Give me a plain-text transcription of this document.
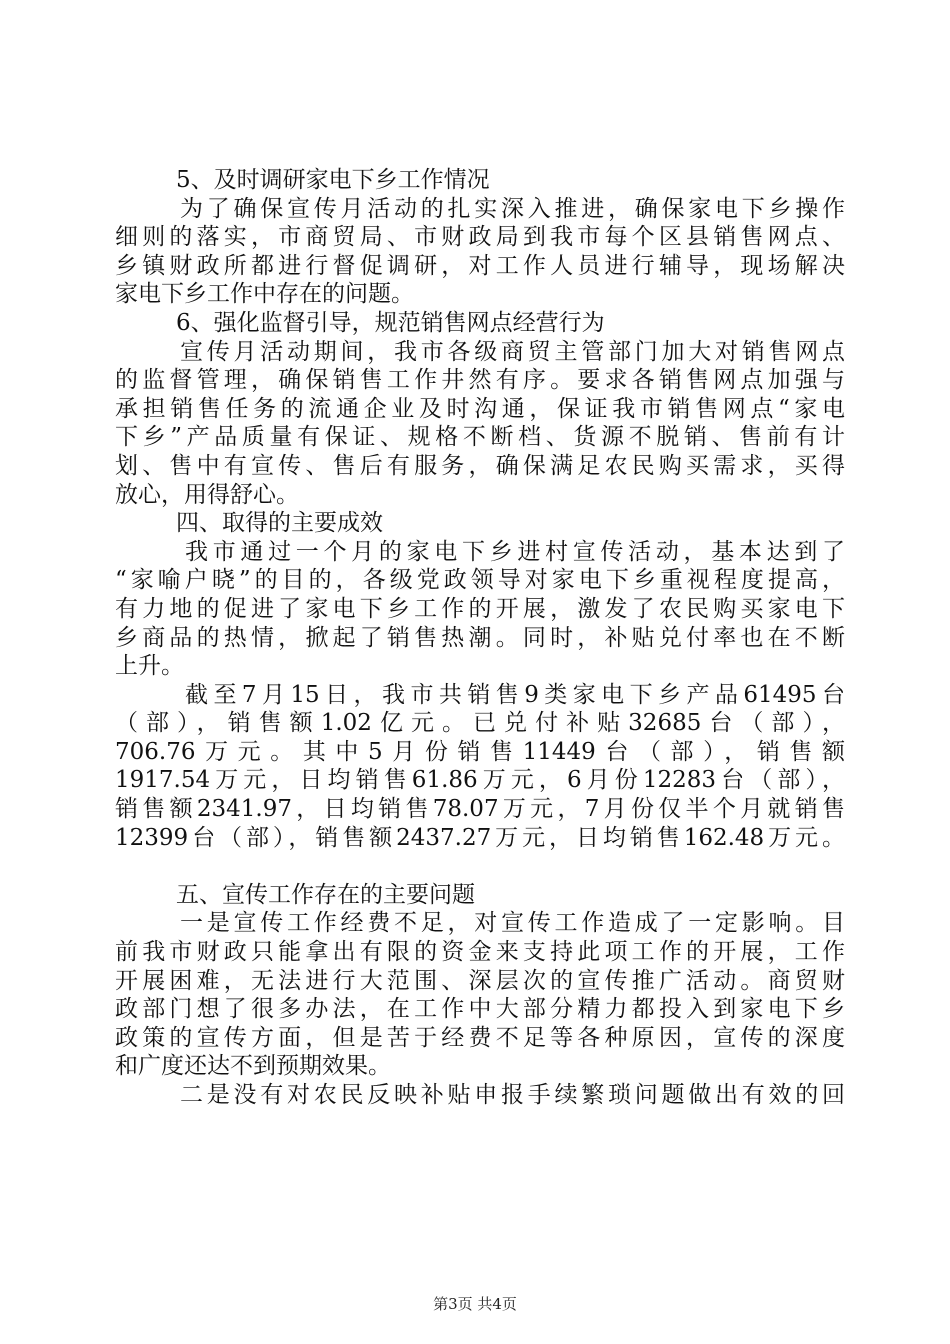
5、及时调研家电下乡工作情况
为了确保宣传月活动的扎实深入推进，确保家电下乡操作
细则的落实，市商贸局、市财政局到我市每个区县销售网点、
乡镇财政所都进行督促调研，对工作人员进行辅导，现场解决
家电下乡工作中存在的问题。
6、强化监督引导，规范销售网点经营行为
宣传月活动期间，我市各级商贸主管部门加大对销售网点
的监督管理，确保销售工作井然有序。要求各销售网点加强与
承担销售任务的流通企业及时沟通，保证我市销售网点“家电
下乡”产品质量有保证、规格不断档、货源不脱销、售前有计
划、售中有宣传、售后有服务，确保满足农民购买需求，买得
放心，用得舒心。
四、取得的主要成效
我市通过一个月的家电下乡进村宣传活动，基本达到了
“家喻户晓”的目的，各级党政领导对家电下乡重视程度提高，
有力地的促进了家电下乡工作的开展，激发了农民购买家电下
乡商品的热情，掀起了销售热潮。同时，补贴兑付率也在不断
上升。
截至7月15日，我市共销售9类家电下乡产品61495台
（部），销售额1.02亿元。已兑付补贴32685台（部），
706.76万元。其中5月份销售11449台（部），销售额
1917.54万元，日均销售61.86万元，6月份12283台（部），
销售额2341.97，日均销售78.07万元，7月份仅半个月就销售
12399台（部），销售额2437.27万元，日均销售162.48万元。
五、宣传工作存在的主要问题
一是宣传工作经费不足，对宣传工作造成了一定影响。目
前我市财政只能拿出有限的资金来支持此项工作的开展，工作
开展困难，无法进行大范围、深层次的宣传推广活动。商贸财
政部门想了很多办法，在工作中大部分精力都投入到家电下乡
政策的宣传方面，但是苦于经费不足等各种原因，宣传的深度
和广度还达不到预期效果。
二是没有对农民反映补贴申报手续繁琐问题做出有效的回
第3页 共4页
